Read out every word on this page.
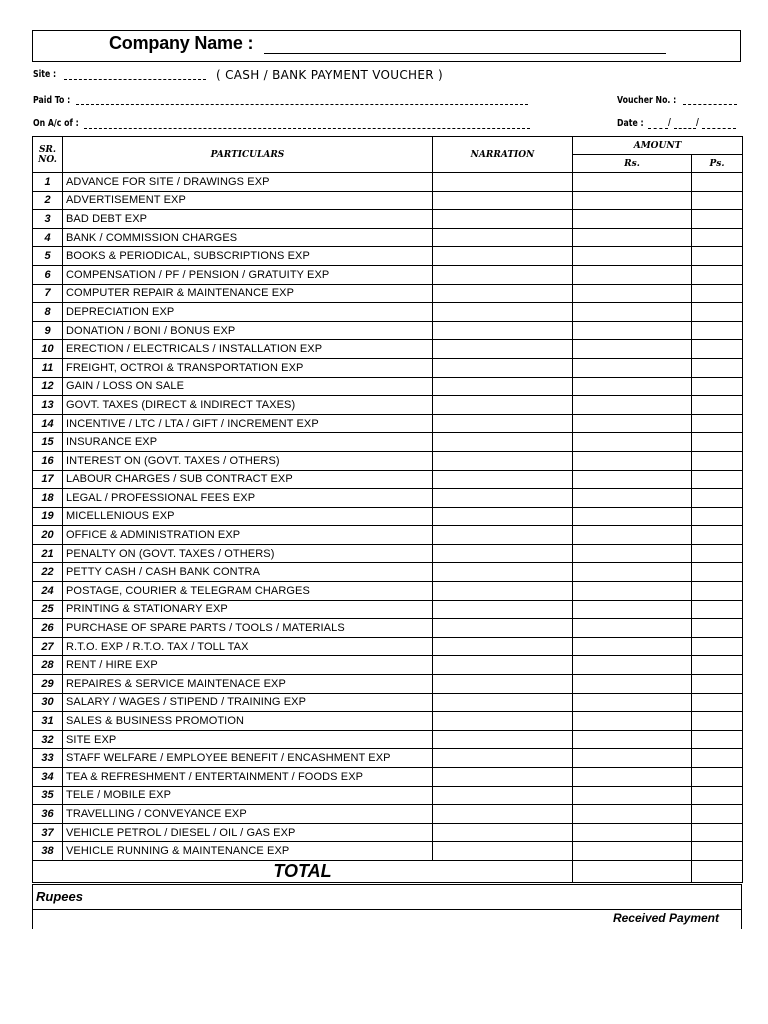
Company Name :
Site :	( CASH / BANK PAYMENT VOUCHER )
Paid To :	Voucher No. :
On A/c of :	Date : /	/
SR. NO.	PARTICULARS	NARRATION	AMOUNT	
			Rs.	Ps.
1	ADVANCE FOR SITE / DRAWINGS EXP			
2	ADVERTISEMENT EXP			
3	BAD DEBT EXP			
4	BANK / COMMISSION CHARGES			
5	BOOKS & PERIODICAL, SUBSCRIPTIONS EXP			
6	COMPENSATION / PF / PENSION / GRATUITY EXP			
7	COMPUTER REPAIR & MAINTENANCE EXP			
8	DEPRECIATION EXP			
9	DONATION / BONI / BONUS EXP			
10	ERECTION / ELECTRICALS / INSTALLATION EXP			
11	FREIGHT, OCTROI & TRANSPORTATION EXP			
12	GAIN / LOSS ON SALE			
13	GOVT. TAXES (DIRECT & INDIRECT TAXES)			
14	INCENTIVE / LTC / LTA / GIFT / INCREMENT EXP			
15	INSURANCE EXP			
16	INTEREST ON (GOVT. TAXES / OTHERS)			
17	LABOUR CHARGES / SUB CONTRACT EXP			
18	LEGAL / PROFESSIONAL FEES EXP			
19	MICELLENIOUS EXP			
20	OFFICE & ADMINISTRATION EXP			
21	PENALTY ON (GOVT. TAXES / OTHERS)			
22	PETTY CASH / CASH BANK CONTRA			
24	POSTAGE, COURIER & TELEGRAM CHARGES			
25	PRINTING & STATIONARY EXP			
26	PURCHASE OF SPARE PARTS / TOOLS / MATERIALS			
27	R.T.O. EXP / R.T.O. TAX / TOLL TAX			
28	RENT / HIRE EXP			
29	REPAIRES & SERVICE MAINTENACE EXP			
30	SALARY / WAGES / STIPEND / TRAINING EXP			
31	SALES & BUSINESS PROMOTION			
32	SITE EXP			
33	STAFF WELFARE / EMPLOYEE BENEFIT / ENCASHMENT EXP			
34	TEA & REFRESHMENT / ENTERTAINMENT / FOODS EXP			
35	TELE / MOBILE EXP			
36	TRAVELLING / CONVEYANCE EXP			
37	VEHICLE PETROL / DIESEL / OIL / GAS EXP			
38	VEHICLE RUNNING & MAINTENANCE EXP			
TOTAL				
Rupees
Received Payment
